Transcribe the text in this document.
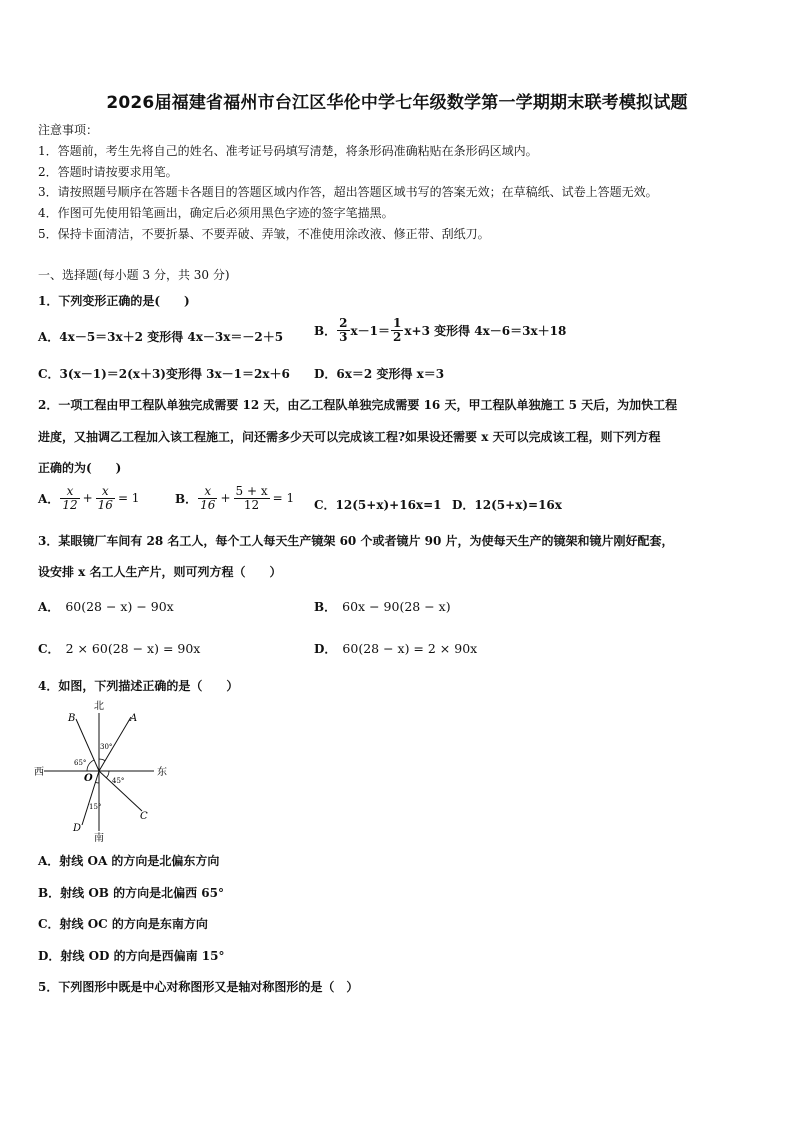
2026届福建省福州市台江区华伦中学七年级数学第一学期期末联考模拟试题
注意事项：
1．答题前，考生先将自己的姓名、准考证号码填写清楚，将条形码准确粘贴在条形码区域内。
2．答题时请按要求用笔。
3．请按照题号顺序在答题卡各题目的答题区域内作答，超出答题区域书写的答案无效；在草稿纸、试卷上答题无效。
4．作图可先使用铅笔画出，确定后必须用黑色字迹的签字笔描黑。
5．保持卡面清洁，不要折暴、不要弄破、弄皱，不准使用涂改液、修正带、刮纸刀。
一、选择题(每小题 3 分，共 30 分)
1．下列变形正确的是(　　)
A．4x－5＝3x＋2 变形得 4x－3x＝－2＋5	B． $\frac{2}{3} x-1= \frac{1}{2} x+3$ 变形得 4x－6＝3x＋18
C．3(x－1)＝2(x＋3)变形得 3x－1＝2x＋6 D．6x＝2 变形得 x＝3
2．一项工程由甲工程队单独完成需要 12 天，由乙工程队单独完成需要 16 天，甲工程队单独施工 5 天后，为加快工程
进度，又抽调乙工程加入该工程施工，问还需多少天可以完成该工程?如果设还需要 x 天可以完成该工程，则下列方程
正确的为(　　)
A． $\frac{x}{12} + \frac{x}{16} = 1$	B． $\frac{x}{16} + \frac{5 + x}{12} = 1$ C．12(5+x)+16x=1 D．12(5+x)=16x
3．某眼镜厂车间有 28 名工人，每个工人每天生产镜架 60 个或者镜片 90 片，为使每天生产的镜架和镜片刚好配套，
设安排 x 名工人生产片，则可列方程（　　）
A． 60(28 − x) − 90x	B． 60x − 90(28 − x)
C． 2 × 60(28 − x) = 90x	D． 60(28 − x) = 2 × 90x
4．如图，下列描述正确的是（　　）
北
南
西	东
A
B
C
D
O
30°
65°
45°
15°
A．射线 OA 的方向是北偏东方向
B．射线 OB 的方向是北偏西 65°
C．射线 OC 的方向是东南方向
D．射线 OD 的方向是西偏南 15°
5．下列图形中既是中心对称图形又是轴对称图形的是（　）
